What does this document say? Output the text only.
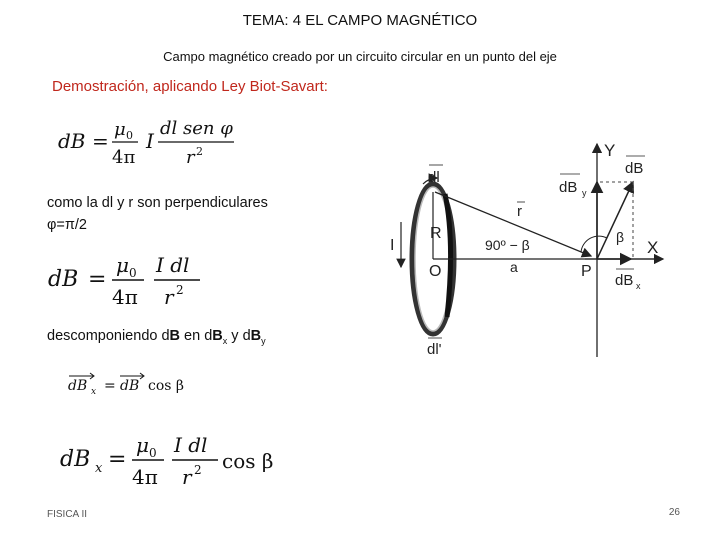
TEMA: 4 EL CAMPO MAGNÉTICO
Campo magnético creado por un circuito circular en un punto del eje
Demostración, aplicando Ley Biot-Savart:
dB = μ 0
4π
I
dl sen φ
r 2
como la dl y r son perpendiculares
φ=π/2
dB =
μ 0
4π
I dl
r 2
descomponiendo dB en $dB_x$ y $dB_y$
dB x = dB cos β
dB x =
μ 0
4π
I dl
r 2 cos β
Y
X
dB
dB y
dB x
dl
dl'
r
R
O
I
P
a
90º − β	β
FISICA II	26
